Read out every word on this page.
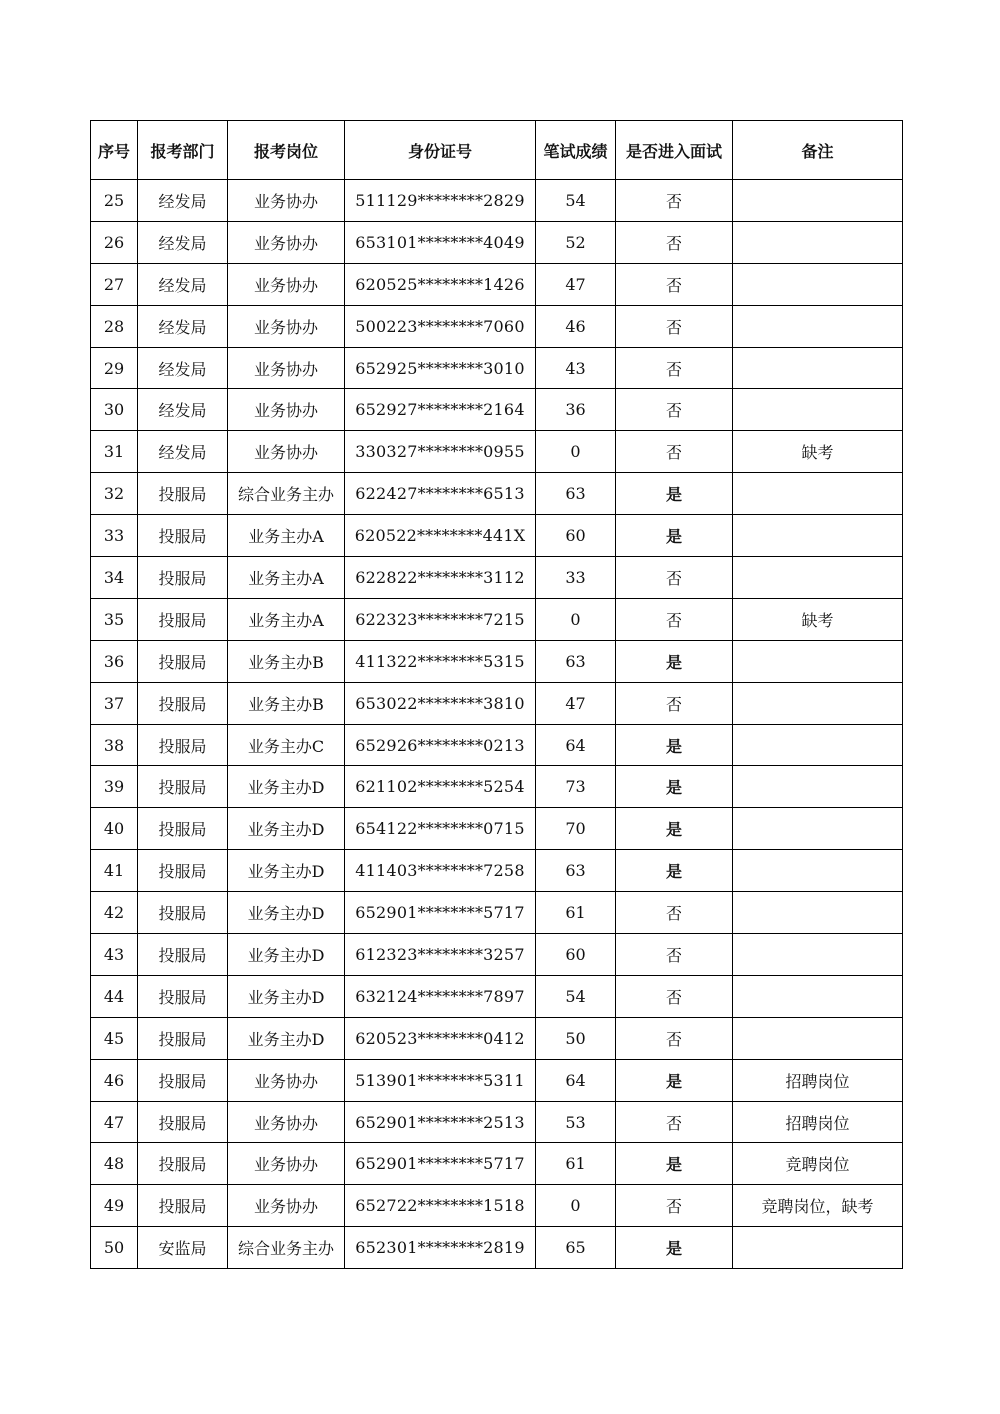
序号	报考部门	报考岗位	身份证号	笔试成绩	是否进入面试	备注
25	经发局	业务协办	511129********2829	54	否	
26	经发局	业务协办	653101********4049	52	否	
27	经发局	业务协办	620525********1426	47	否	
28	经发局	业务协办	500223********7060	46	否	
29	经发局	业务协办	652925********3010	43	否	
30	经发局	业务协办	652927********2164	36	否	
31	经发局	业务协办	330327********0955	0	否	缺考
32	投服局	综合业务主办	622427********6513	63	是	
33	投服局	业务主办A	620522********441X	60	是	
34	投服局	业务主办A	622822********3112	33	否	
35	投服局	业务主办A	622323********7215	0	否	缺考
36	投服局	业务主办B	411322********5315	63	是	
37	投服局	业务主办B	653022********3810	47	否	
38	投服局	业务主办C	652926********0213	64	是	
39	投服局	业务主办D	621102********5254	73	是	
40	投服局	业务主办D	654122********0715	70	是	
41	投服局	业务主办D	411403********7258	63	是	
42	投服局	业务主办D	652901********5717	61	否	
43	投服局	业务主办D	612323********3257	60	否	
44	投服局	业务主办D	632124********7897	54	否	
45	投服局	业务主办D	620523********0412	50	否	
46	投服局	业务协办	513901********5311	64	是	招聘岗位
47	投服局	业务协办	652901********2513	53	否	招聘岗位
48	投服局	业务协办	652901********5717	61	是	竞聘岗位
49	投服局	业务协办	652722********1518	0	否	竞聘岗位，缺考
50	安监局	综合业务主办	652301********2819	65	是	
